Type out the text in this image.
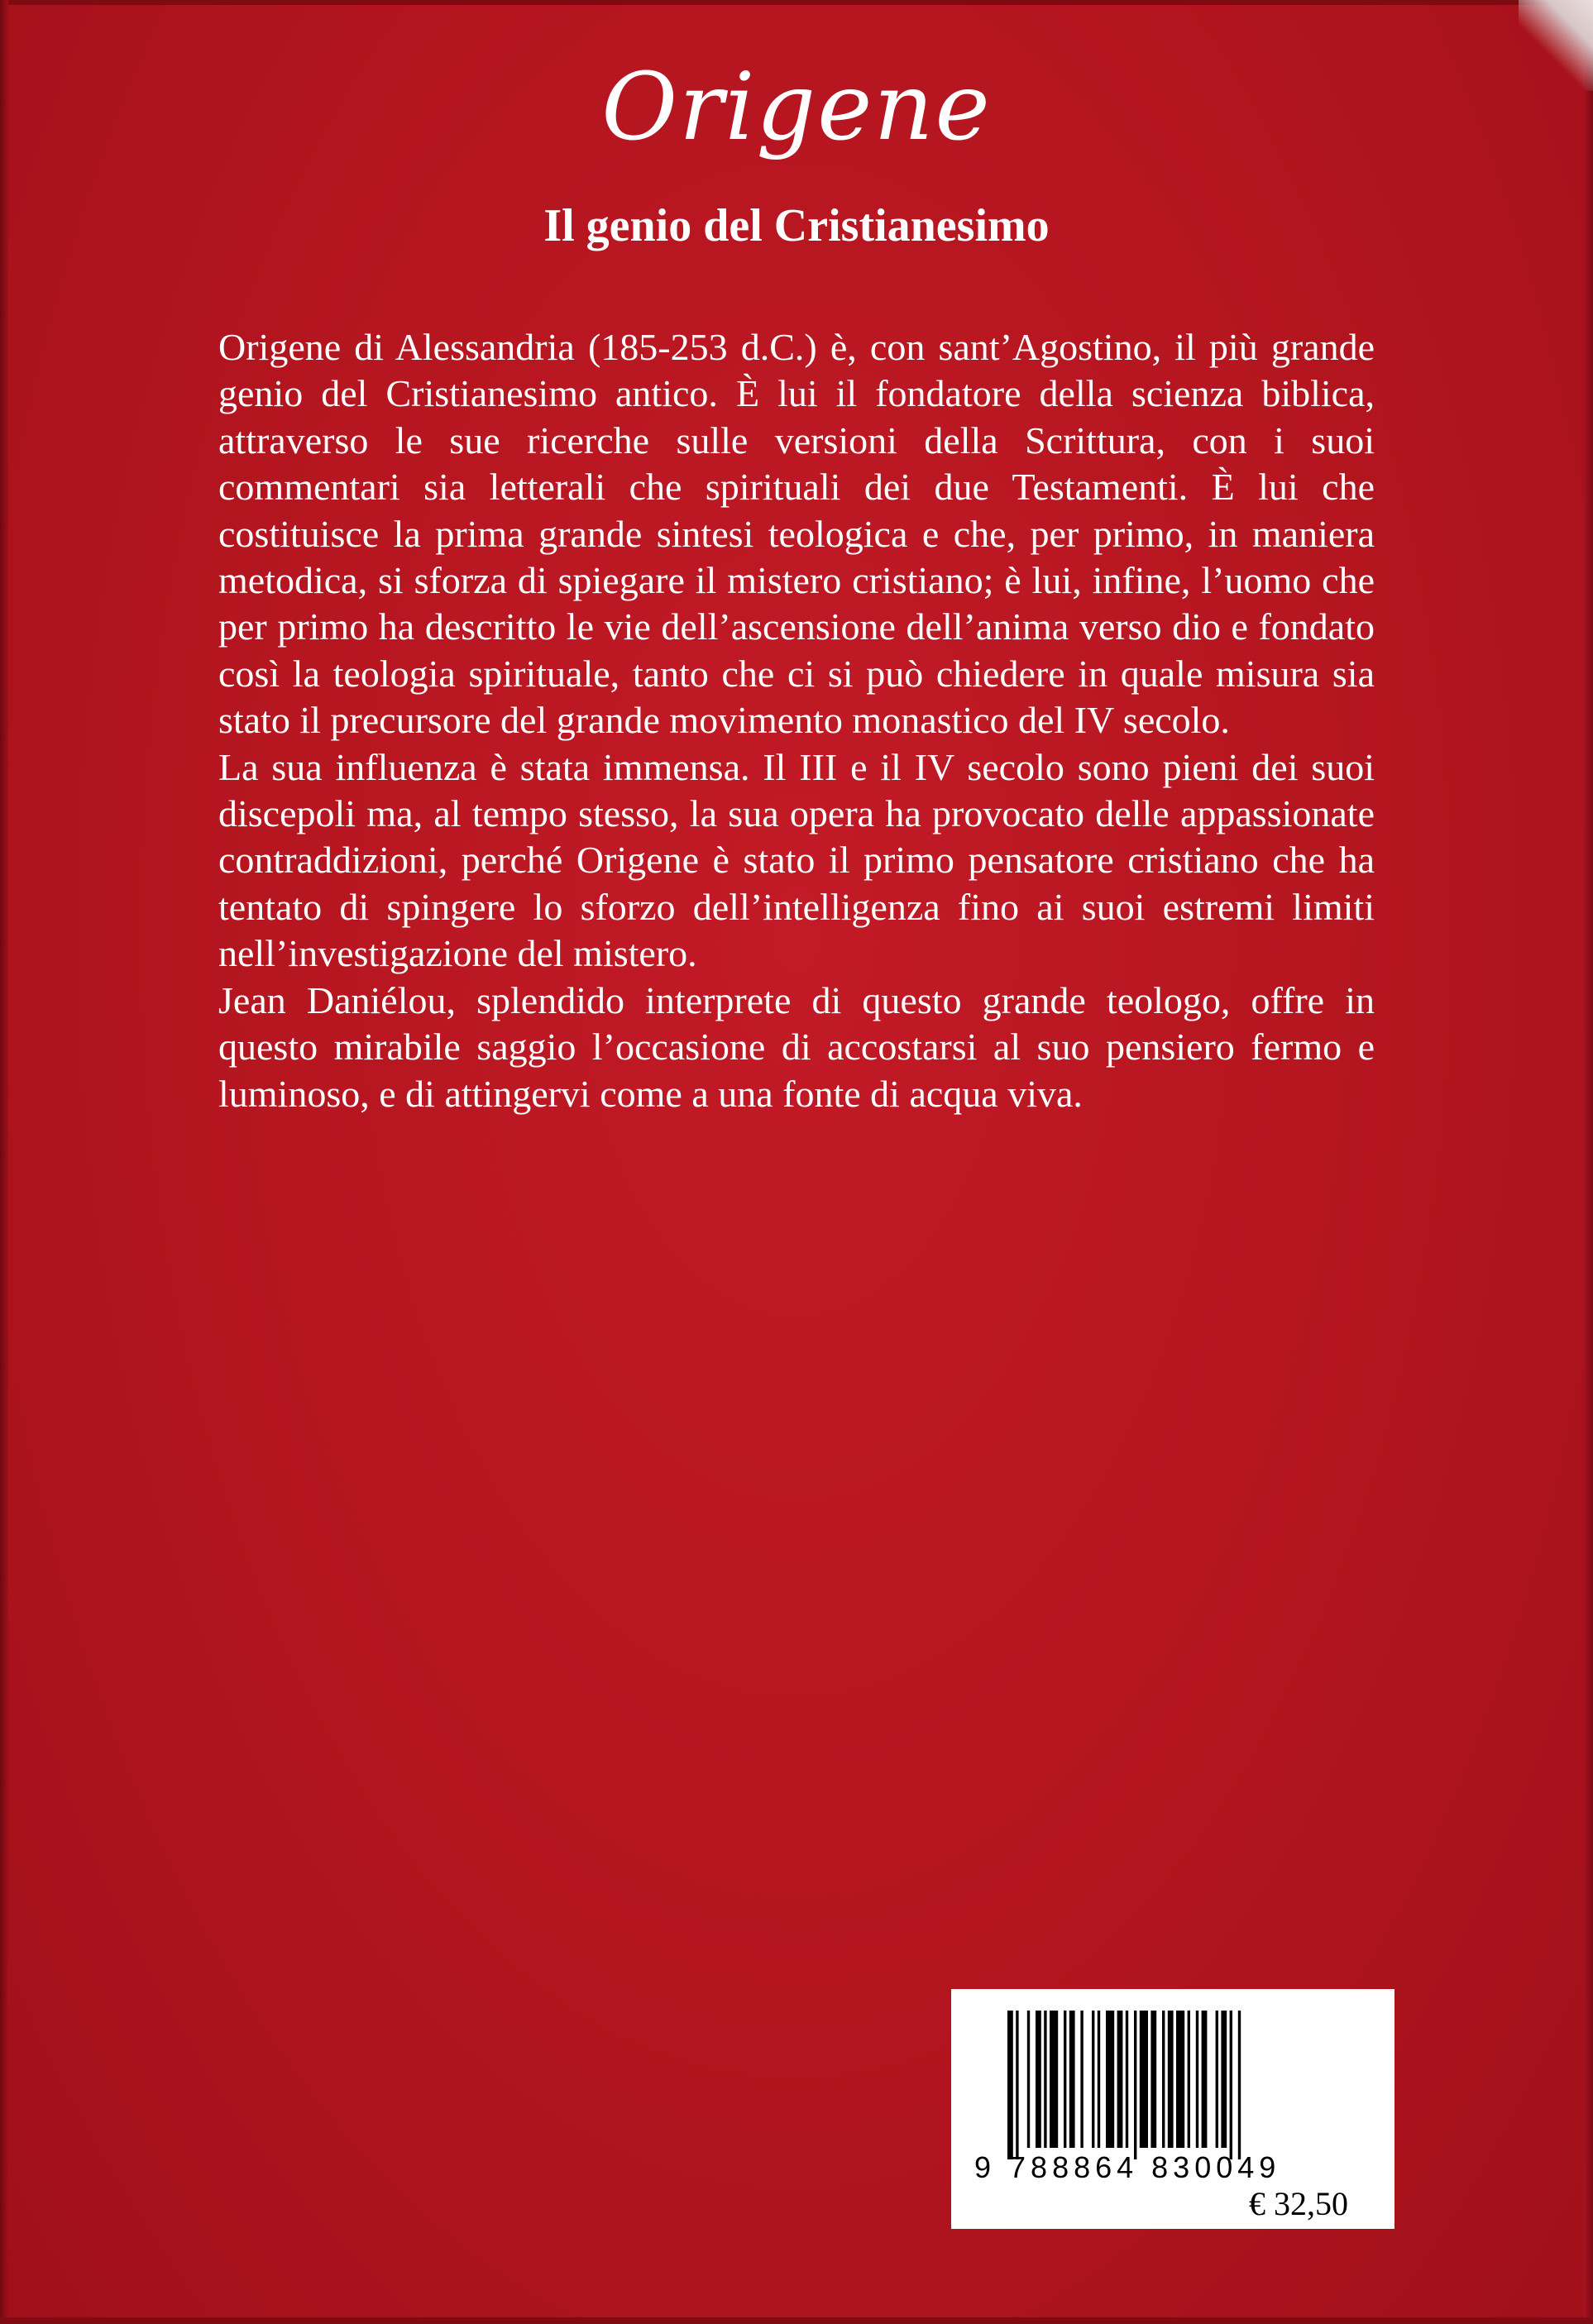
Origene
Il genio del Cristianesimo

Origene di Alessandria (185-253 d.C.) è, con sant’Agostino, il più grande genio del Cristianesimo antico. È lui il fondatore della scienza biblica, attraverso le sue ricerche sulle versioni della Scrittura, con i suoi commentari sia letterali che spirituali dei due Testamenti. È lui che costituisce la prima grande sintesi teologica e che, per primo, in maniera metodica, si sforza di spiegare il mistero cristiano; è lui, infine, l’uomo che per primo ha descritto le vie dell’ascensione dell’anima verso dio e fondato così la teologia spirituale, tanto che ci si può chiedere in quale misura sia stato il precursore del grande movimento monastico del IV secolo.

La sua influenza è stata immensa. Il III e il IV secolo sono pieni dei suoi discepoli ma, al tempo stesso, la sua opera ha provocato delle appassionate contraddizioni, perché Origene è stato il primo pensatore cristiano che ha tentato di spingere lo sforzo dell’intelligenza fino ai suoi estremi limiti nell’investigazione del mistero.

Jean Daniélou, splendido interprete di questo grande teologo, offre in questo mirabile saggio l’occasione di accostarsi al suo pensiero fermo e luminoso, e di attingervi come a una fonte di acqua viva.

9 788864 830049
€ 32,50
